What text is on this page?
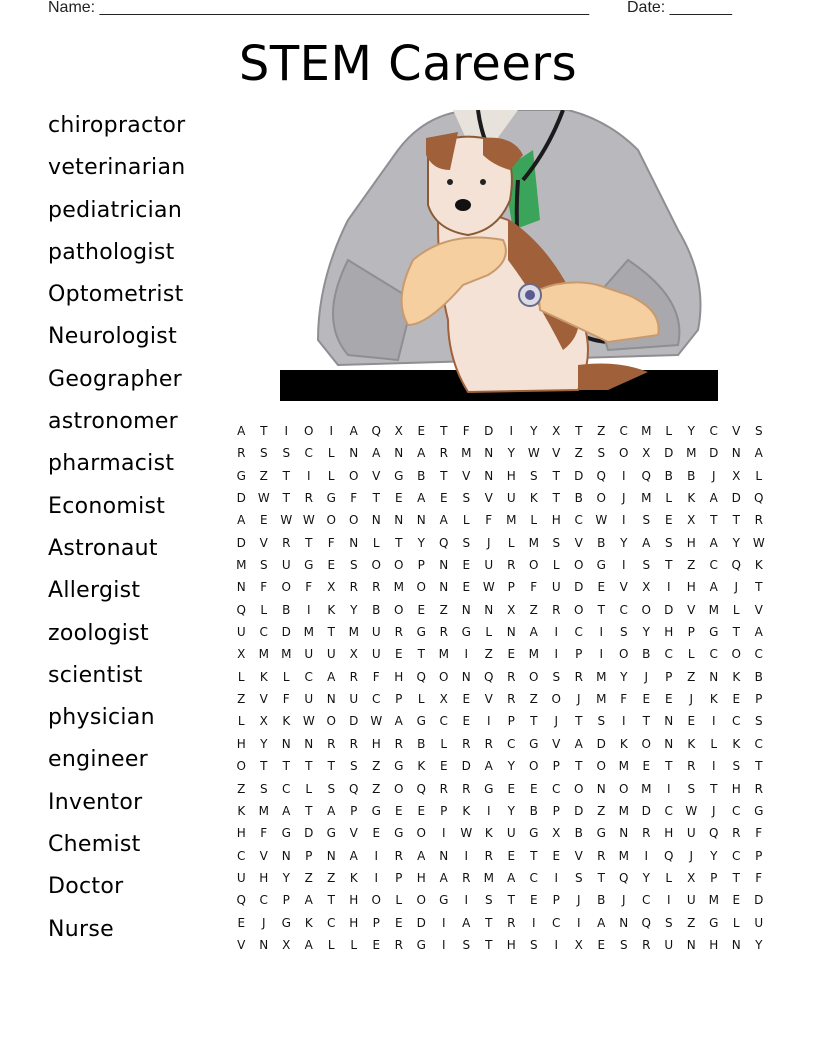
Name: _______________________________________________________ Date: _______
STEM Careers
chiropractor
veterinarian
pediatrician
pathologist
Optometrist
Neurologist
Geographer
astronomer
pharmacist
Economist
Astronaut
Allergist
zoologist
scientist
physician
engineer
Inventor
Chemist
Doctor
Nurse
A	T	I	O	I	A	Q	X	E	T	F	D	I	Y	X	T	Z	C	M	L	Y	C	V	S
R	S	S	C	L	N	A	N	A	R	M	N	Y	W	V	Z	S	O	X	D	M	D	N	A
G	Z	T	I	L	O	V	G	B	T	V	N	H	S	T	D	Q	I	Q	B	B	J	X	L
D W	T	R	G	F	T	E	A	E	S	V	U	K	T	B	O	J	M	L	K	A	D	Q
A	E	W W O	O	N	N	N	A	L	F	M	L	H	C	W	I	S	E	X	T	T	R
D	V	R	T	F	N	L	T	Y	Q	S	J	L	M	S	V	B	Y	A	S	H	A	Y	W
M	S	U	G	E	S	O	O	P	N	E	U	R	O	L	O	G	I	S	T	Z	C	Q	K
N	F	O	F	X	R	R	M	O	N	E	W	P	F	U	D	E	V	X	I	H	A	J	T
Q	L	B	I	K	Y	B	O	E	Z	N	N	X	Z	R	O	T	C	O	D	V	M	L	V
U	C	D	M	T	M	U	R	G	R	G	L	N	A	I	C	I	S	Y	H	P	G	T	A
X	M	M	U	U	X	U	E	T	M	I	Z	E	M	I	P	I	O	B	C	L	C	O	C
L	K	L	C	A	R	F	H	Q	O	N	Q	R	O	S	R	M	Y	J	P	Z	N	K	B
Z	V	F	U	N	U	C	P	L	X	E	V	R	Z	O	J	M	F	E	E	J	K	E	P
L	X	K	W O	D W	A	G	C	E	I	P	T	J	T	S	I	T	N	E	I	C	S
H	Y	N	N	R	R	H	R	B	L	R	R	C	G	V	A	D	K	O	N	K	L	K	C
O	T	T	T	T	S	Z	G	K	E	D	A	Y	O	P	T	O	M	E	T	R	I	S	T
Z	S	C	L	S	Q	Z	O	Q	R	R	G	E	E	C	O	N	O	M	I	S	T	H	R
K	M	A	T	A	P	G	E	E	P	K	I	Y	B	P	D	Z	M	D	C	W	J	C	G
H	F	G	D	G	V	E	G	O	I	W	K	U	G	X	B	G	N	R	H	U	Q	R	F
C	V	N	P	N	A	I	R	A	N	I	R	E	T	E	V	R	M	I	Q	J	Y	C	P
U	H	Y	Z	Z	K	I	P	H	A	R	M	A	C	I	S	T	Q	Y	L	X	P	T	F
Q	C	P	A	T	H	O	L	O	G	I	S	T	E	P	J	B	J	C	I	U	M	E	D
E	J	G	K	C	H	P	E	D	I	A	T	R	I	C	I	A	N	Q	S	Z	G	L	U
V	N	X	A	L	L	E	R	G	I	S	T	H	S	I	X	E	S	R	U	N	H	N	Y
